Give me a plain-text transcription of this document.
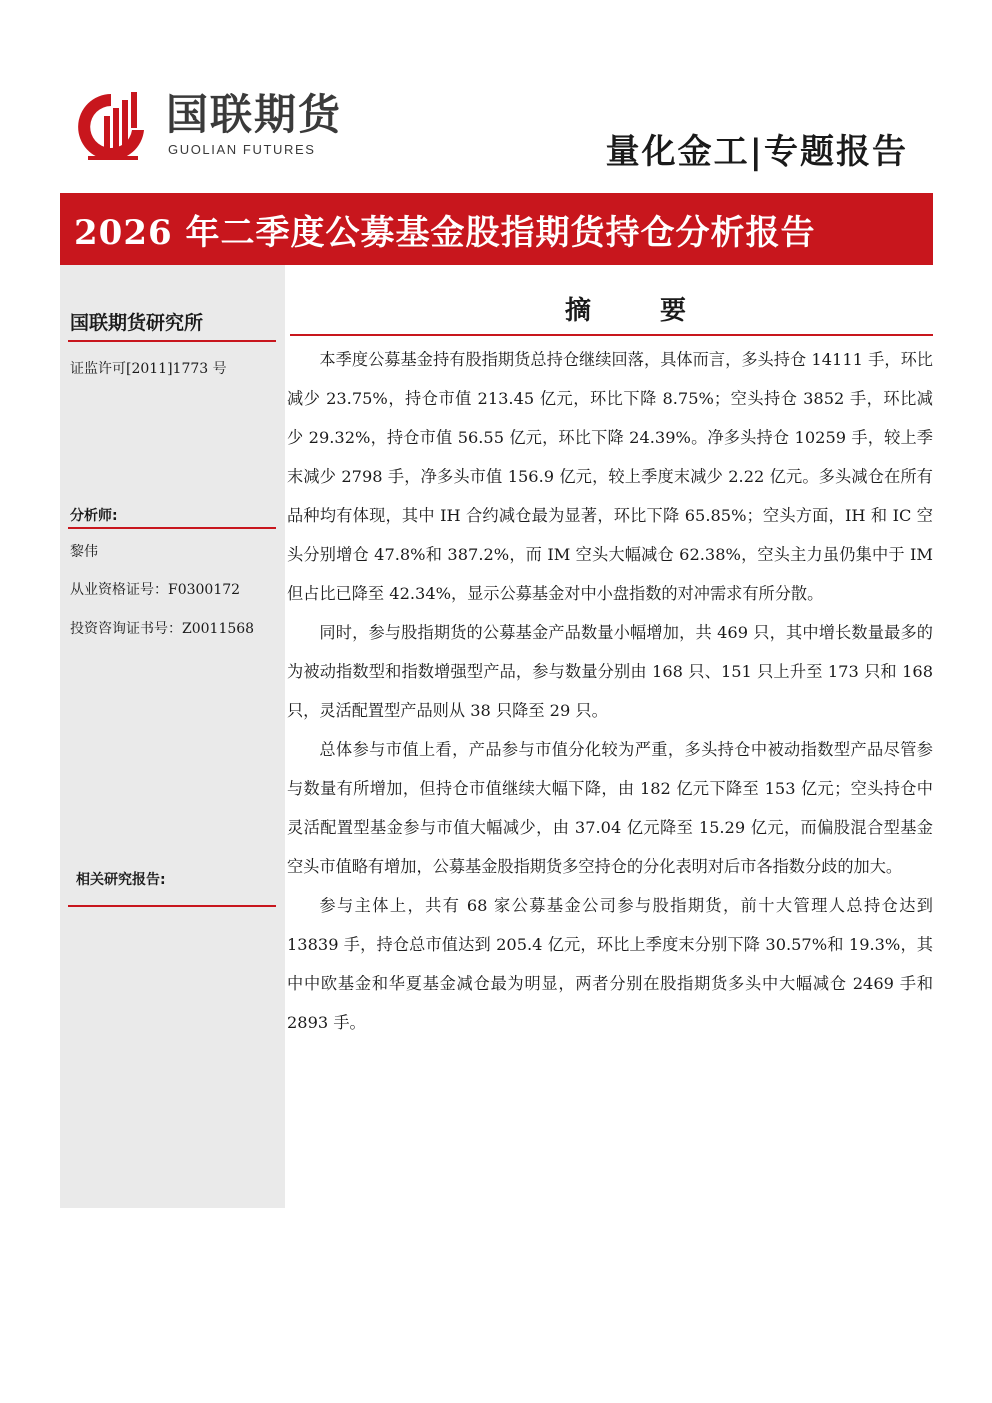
国联期货
GUOLIAN FUTURES	量化金工|专题报告
2026 年二季度公募基金股指期货持仓分析报告
国联期货研究所
证监许可[2011]1773 号
分析师:
黎伟
从业资格证号：F0300172
投资咨询证书号：Z0011568
相关研究报告:
摘 要

本季度公募基金持有股指期货总持仓继续回落，具体而言，多头持仓 14111 手，环比减少 23.75%，持仓市值 213.45 亿元，环比下降 8.75%；空头持仓 3852 手，环比减少 29.32%，持仓市值 56.55 亿元，环比下降 24.39%。净多头持仓 10259 手，较上季末减少 2798 手，净多头市值 156.9 亿元，较上季度末减少 2.22 亿元。多头减仓在所有品种均有体现，其中 IH 合约减仓最为显著，环比下降 65.85%；空头方面，IH 和 IC 空头分别增仓 47.8%和 387.2%，而 IM 空头大幅减仓 62.38%，空头主力虽仍集中于 IM 但占比已降至 42.34%，显示公募基金对中小盘指数的对冲需求有所分散。

同时，参与股指期货的公募基金产品数量小幅增加，共 469 只，其中增长数量最多的为被动指数型和指数增强型产品，参与数量分别由 168 只、151 只上升至 173 只和 168 只，灵活配置型产品则从 38 只降至 29 只。

总体参与市值上看，产品参与市值分化较为严重，多头持仓中被动指数型产品尽管参与数量有所增加，但持仓市值继续大幅下降，由 182 亿元下降至 153 亿元；空头持仓中灵活配置型基金参与市值大幅减少，由 37.04 亿元降至 15.29 亿元，而偏股混合型基金空头市值略有增加，公募基金股指期货多空持仓的分化表明对后市各指数分歧的加大。

参与主体上，共有 68 家公募基金公司参与股指期货，前十大管理人总持仓达到 13839 手，持仓总市值达到 205.4 亿元，环比上季度末分别下降 30.57%和 19.3%，其中中欧基金和华夏基金减仓最为明显，两者分别在股指期货多头中大幅减仓 2469 手和 2893 手。
